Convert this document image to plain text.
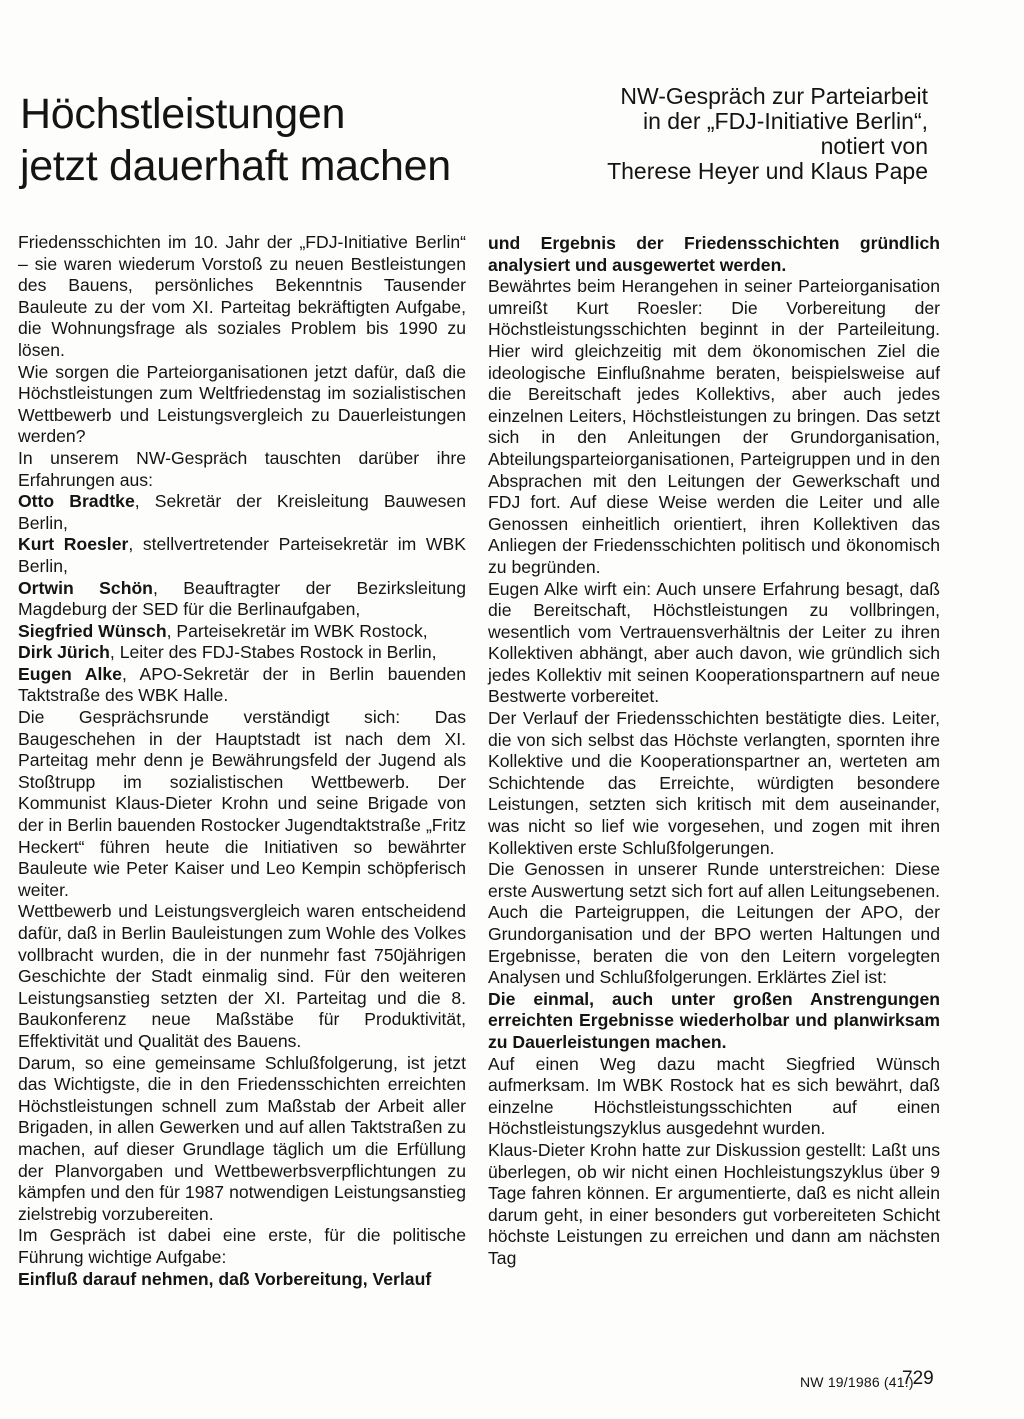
Höchstleistungen
jetzt dauerhaft machen
NW-Gespräch zur Parteiarbeit
in der „FDJ-Initiative Berlin“,
notiert von
Therese Heyer und Klaus Pape

Friedensschichten im 10. Jahr der „FDJ-Initiative Berlin“ – sie waren wiederum Vorstoß zu neuen Bestleistungen des Bauens, persönliches Bekenntnis Tausender Bauleute zu der vom XI. Parteitag bekräftigten Aufgabe, die Wohnungsfrage als soziales Problem bis 1990 zu lösen.

Wie sorgen die Parteiorganisationen jetzt dafür, daß die Höchstleistungen zum Weltfriedenstag im sozialistischen Wettbewerb und Leistungsvergleich zu Dauerleistungen werden?

In unserem NW-Gespräch tauschten darüber ihre Erfahrungen aus:

Otto Bradtke, Sekretär der Kreisleitung Bauwesen Berlin,

Kurt Roesler, stellvertretender Parteisekretär im WBK Berlin,

Ortwin Schön, Beauftragter der Bezirksleitung Magdeburg der SED für die Berlinaufgaben,

Siegfried Wünsch, Parteisekretär im WBK Rostock,

Dirk Jürich, Leiter des FDJ-Stabes Rostock in Berlin,

Eugen Alke, APO-Sekretär der in Berlin bauenden Taktstraße des WBK Halle.

Die Gesprächsrunde verständigt sich: Das Baugeschehen in der Hauptstadt ist nach dem XI. Parteitag mehr denn je Bewährungsfeld der Jugend als Stoßtrupp im sozialistischen Wettbewerb. Der Kommunist Klaus-Dieter Krohn und seine Brigade von der in Berlin bauenden Rostocker Jugendtaktstraße „Fritz Heckert“ führen heute die Initiativen so bewährter Bauleute wie Peter Kaiser und Leo Kempin schöpferisch weiter.

Wettbewerb und Leistungsvergleich waren entscheidend dafür, daß in Berlin Bauleistungen zum Wohle des Volkes vollbracht wurden, die in der nunmehr fast 750jährigen Geschichte der Stadt einmalig sind. Für den weiteren Leistungsanstieg setzten der XI. Parteitag und die 8. Baukonferenz neue Maßstäbe für Produktivität, Effektivität und Qualität des Bauens.

Darum, so eine gemeinsame Schlußfolgerung, ist jetzt das Wichtigste, die in den Friedensschichten erreichten Höchstleistungen schnell zum Maßstab der Arbeit aller Brigaden, in allen Gewerken und auf allen Taktstraßen zu machen, auf dieser Grundlage täglich um die Erfüllung der Planvorgaben und Wettbewerbsverpflichtungen zu kämpfen und den für 1987 notwendigen Leistungsanstieg zielstrebig vorzubereiten.

Im Gespräch ist dabei eine erste, für die politische Führung wichtige Aufgabe:

Einfluß darauf nehmen, daß Vorbereitung, Verlauf

und Ergebnis der Friedensschichten gründlich analysiert und ausgewertet werden.

Bewährtes beim Herangehen in seiner Parteiorganisation umreißt Kurt Roesler: Die Vorbereitung der Höchstleistungsschichten beginnt in der Parteileitung. Hier wird gleichzeitig mit dem ökonomischen Ziel die ideologische Einflußnahme beraten, beispielsweise auf die Bereitschaft jedes Kollektivs, aber auch jedes einzelnen Leiters, Höchstleistungen zu bringen. Das setzt sich in den Anleitungen der Grundorganisation, Abteilungsparteiorganisationen, Parteigruppen und in den Absprachen mit den Leitungen der Gewerkschaft und FDJ fort. Auf diese Weise werden die Leiter und alle Genossen einheitlich orientiert, ihren Kollektiven das Anliegen der Friedensschichten politisch und ökonomisch zu begründen.

Eugen Alke wirft ein: Auch unsere Erfahrung besagt, daß die Bereitschaft, Höchstleistungen zu vollbringen, wesentlich vom Vertrauensverhältnis der Leiter zu ihren Kollektiven abhängt, aber auch davon, wie gründlich sich jedes Kollektiv mit seinen Kooperationspartnern auf neue Bestwerte vorbereitet.

Der Verlauf der Friedensschichten bestätigte dies. Leiter, die von sich selbst das Höchste verlangten, spornten ihre Kollektive und die Kooperationspartner an, werteten am Schichtende das Erreichte, würdigten besondere Leistungen, setzten sich kritisch mit dem auseinander, was nicht so lief wie vorgesehen, und zogen mit ihren Kollektiven erste Schlußfolgerungen.

Die Genossen in unserer Runde unterstreichen: Diese erste Auswertung setzt sich fort auf allen Leitungsebenen. Auch die Parteigruppen, die Leitungen der APO, der Grundorganisation und der BPO werten Haltungen und Ergebnisse, beraten die von den Leitern vorgelegten Analysen und Schlußfolgerungen. Erklärtes Ziel ist:

Die einmal, auch unter großen Anstrengungen erreichten Ergebnisse wiederholbar und planwirksam zu Dauerleistungen machen.

Auf einen Weg dazu macht Siegfried Wünsch aufmerksam. Im WBK Rostock hat es sich bewährt, daß einzelne Höchstleistungsschichten auf einen Höchstleistungszyklus ausgedehnt wurden.

Klaus-Dieter Krohn hatte zur Diskussion gestellt: Laßt uns überlegen, ob wir nicht einen Hochleistungszyklus über 9 Tage fahren können. Er argumentierte, daß es nicht allein darum geht, in einer besonders gut vorbereiteten Schicht höchste Leistungen zu erreichen und dann am nächsten Tag

NW 19/1986 (41.)
729
